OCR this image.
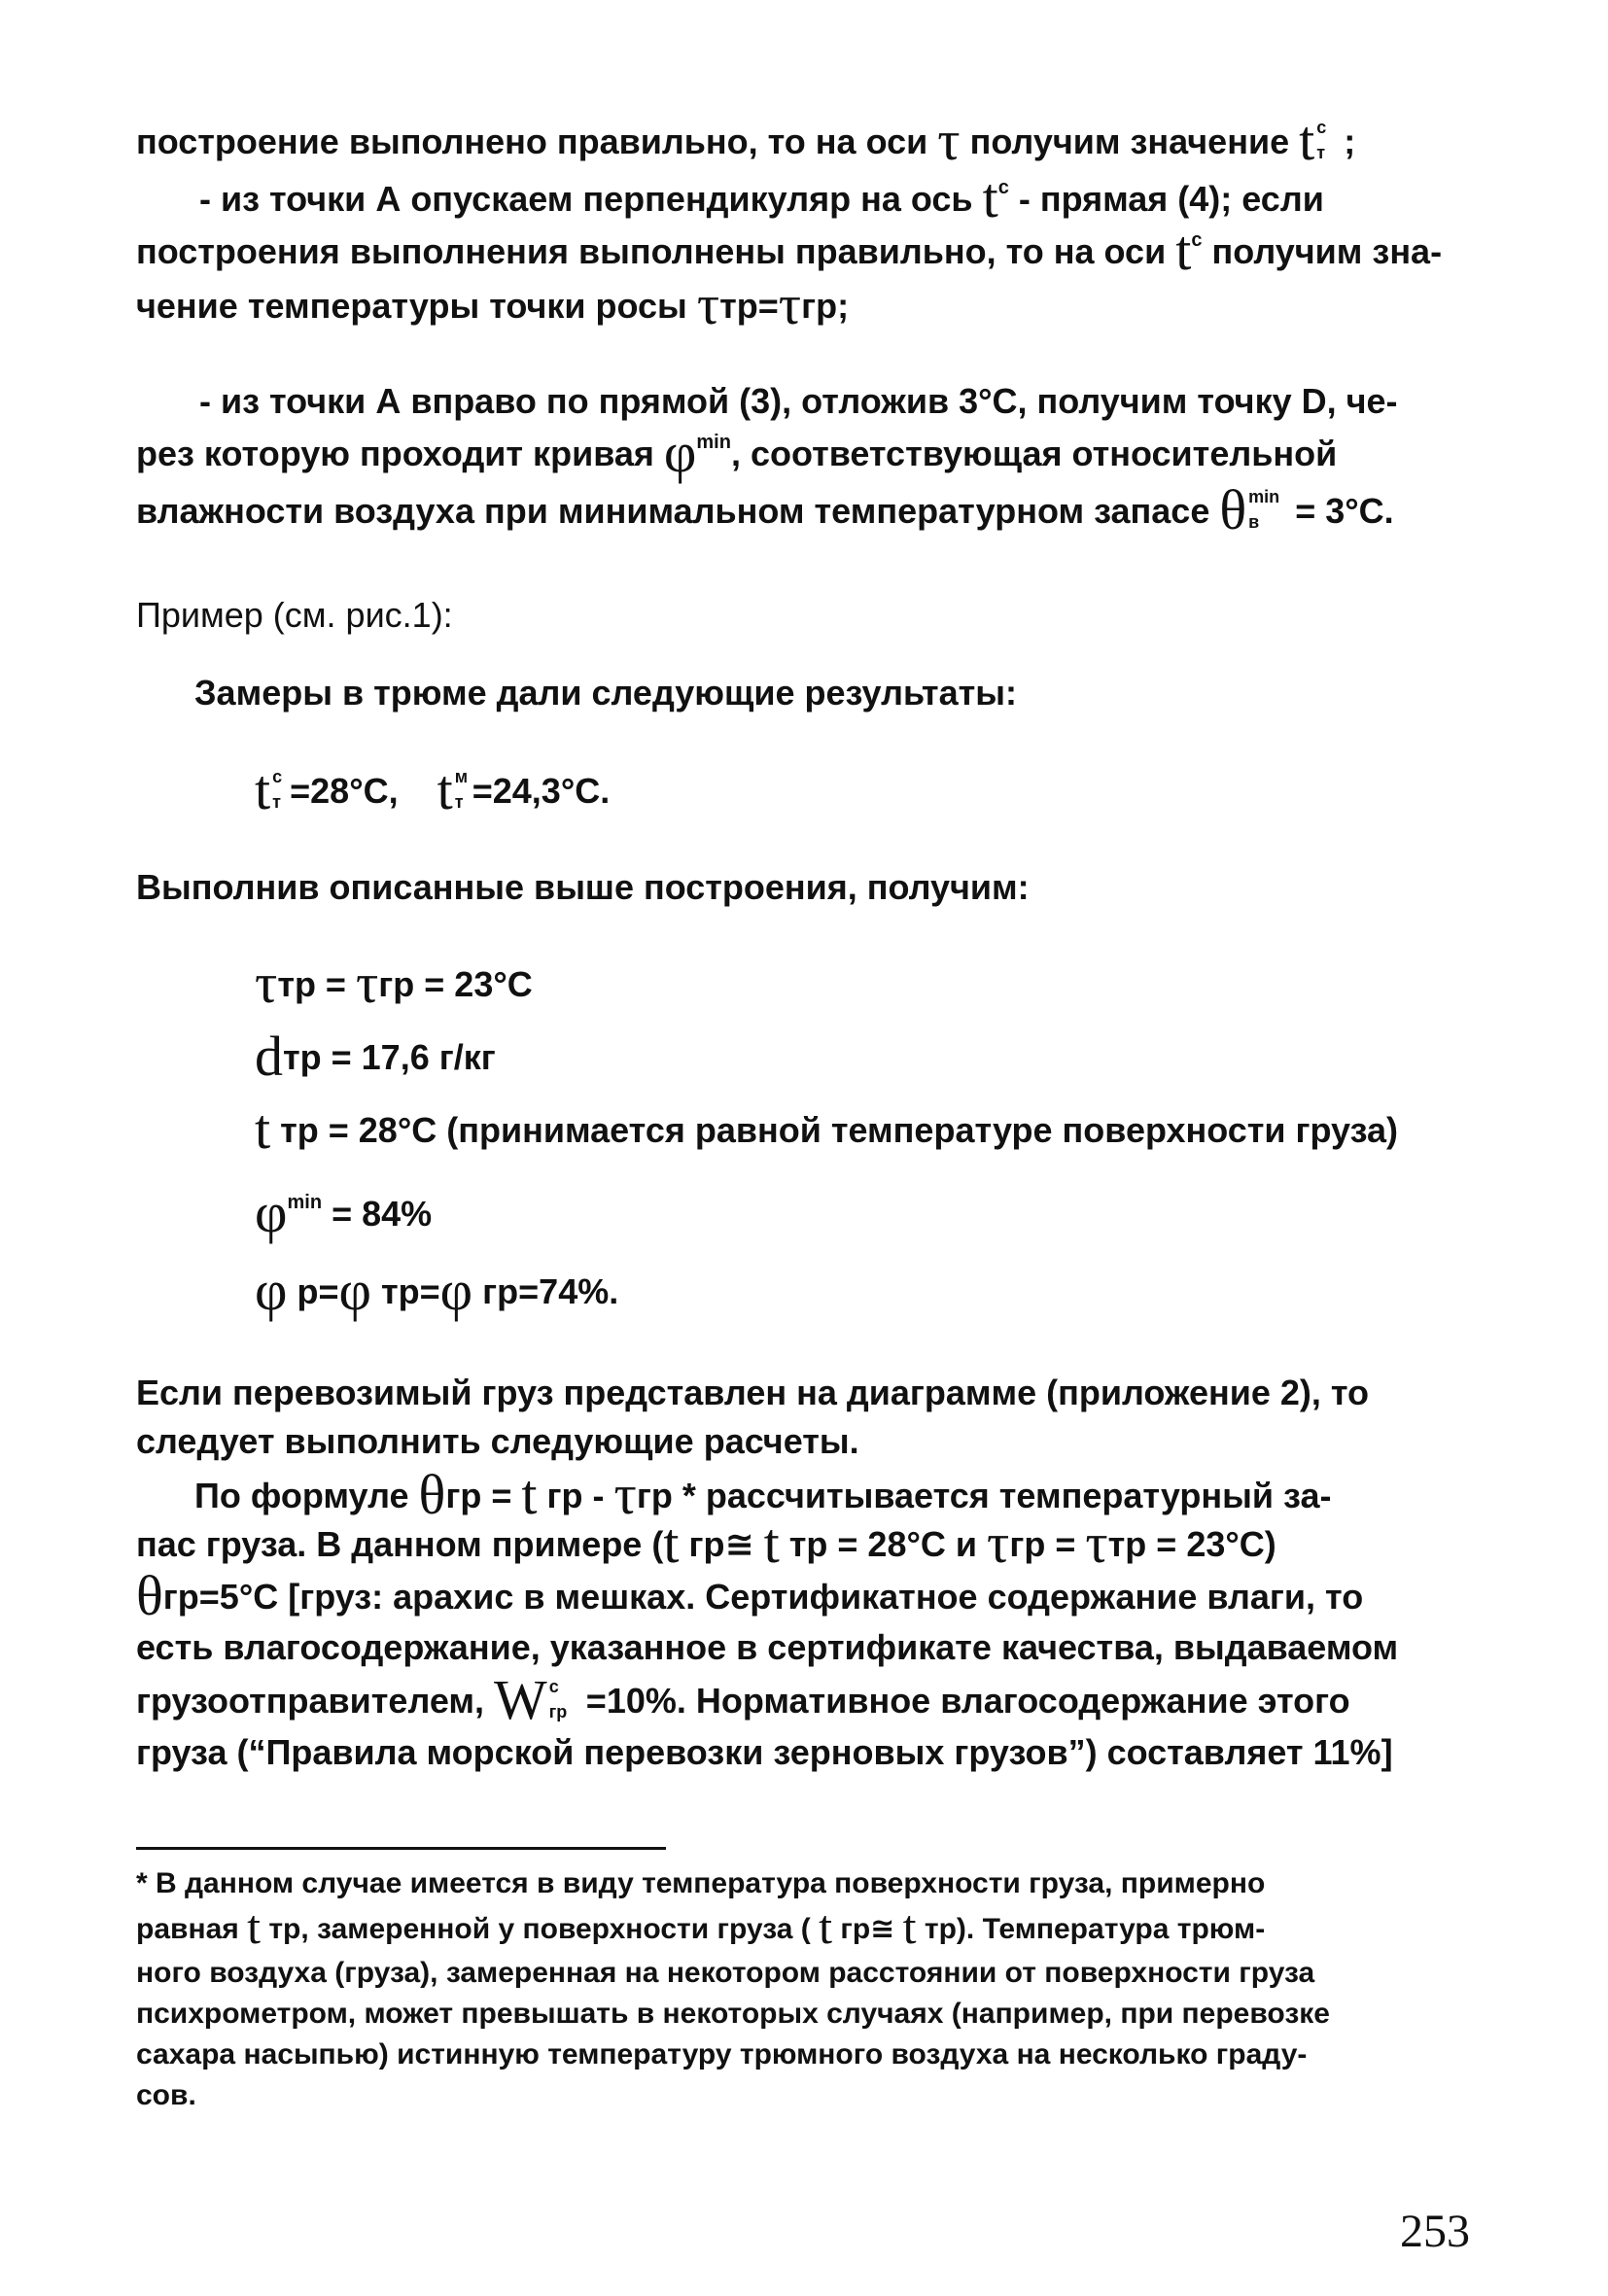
построение выполнено правильно, то на оси τ получим значение t с
т ;
- из точки А опускаем перпендикуляр на ось $t^с$ - прямая (4); если
построения выполнения выполнены правильно, то на оси $t^с$ получим зна-
чение температуры точки росы τтр=τгр;
- из точки А вправо по прямой (3), отложив 3°С, получим точку D, че-
рез которую проходит кривая $\varphi^{min}$, соответствующая относительной
влажности воздуха при минимальном температурном запасе θ min
в = 3°С.
Пример (см. рис.1):
Замеры в трюме дали следующие результаты:
t с
т =28°С, t м
т =24,3°С.
Выполнив описанные выше построения, получим:
τтр = τгр = 23°С
dтр = 17,6 г/кг
t тр = 28°С (принимается равной температуре поверхности груза)
$\varphi^{min} = 84\%$
φ р=φ тр=φ гр=74%.
Если перевозимый груз представлен на диаграмме (приложение 2), то
следует выполнить следующие расчеты.
По формуле θгр = t гр - τгр * рассчитывается температурный за-
пас груза. В данном примере (t гр≅ t тр = 28°С и τгр = τтр = 23°С)
θгр=5°С [груз: арахис в мешках. Сертификатное содержание влаги, то
есть влагосодержание, указанное в сертификате качества, выдаваемом
грузоотправителем, W с
гр =10%. Нормативное влагосодержание этого
груза (“Правила морской перевозки зерновых грузов”) составляет 11%]
* В данном случае имеется в виду температура поверхности груза, примерно
равная t тр, замеренной у поверхности груза ( t гр≅ t тр). Температура трюм-
ного воздуха (груза), замеренная на некотором расстоянии от поверхности груза
психрометром, может превышать в некоторых случаях (например, при перевозке
сахара насыпью) истинную температуру трюмного воздуха на несколько граду-
сов.
253
